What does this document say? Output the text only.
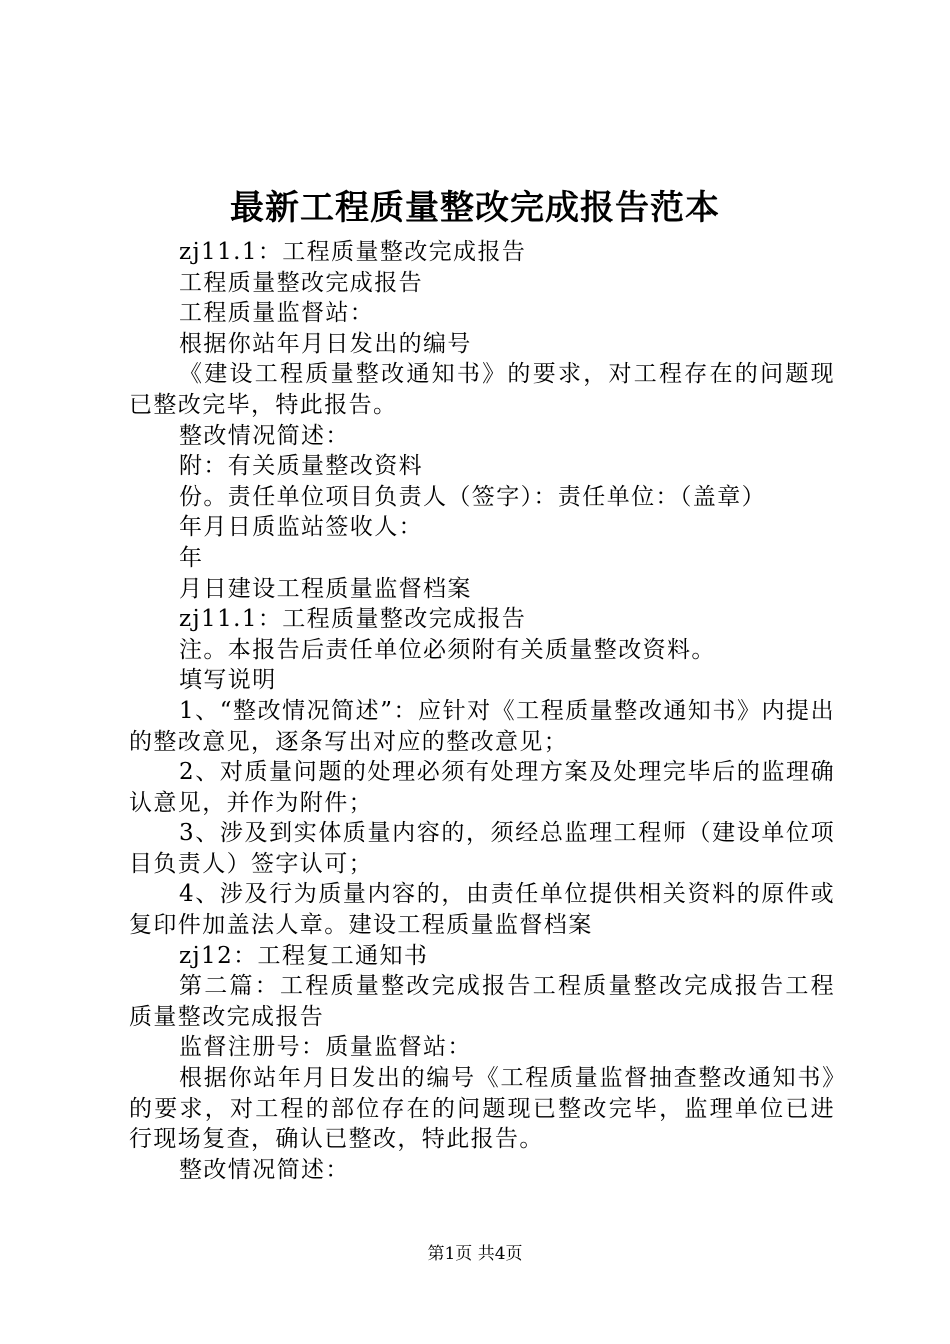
最新工程质量整改完成报告范本

zj11.1：工程质量整改完成报告

工程质量整改完成报告

工程质量监督站：

根据你站年月日发出的编号

《建设工程质量整改通知书》的要求，对工程存在的问题现已整改完毕，特此报告。

整改情况简述：

附：有关质量整改资料

份。责任单位项目负责人（签字）：责任单位：（盖章）

年月日质监站签收人：

年

月日建设工程质量监督档案

zj11.1：工程质量整改完成报告

注。本报告后责任单位必须附有关质量整改资料。

填写说明

1、“整改情况简述”：应针对《工程质量整改通知书》内提出的整改意见，逐条写出对应的整改意见；

2、对质量问题的处理必须有处理方案及处理完毕后的监理确认意见，并作为附件；

3、涉及到实体质量内容的，须经总监理工程师（建设单位项目负责人）签字认可；

4、涉及行为质量内容的，由责任单位提供相关资料的原件或复印件加盖法人章。建设工程质量监督档案

zj12：工程复工通知书

第二篇：工程质量整改完成报告工程质量整改完成报告工程质量整改完成报告

监督注册号：质量监督站：

根据你站年月日发出的编号《工程质量监督抽查整改通知书》的要求，对工程的部位存在的问题现已整改完毕，监理单位已进行现场复查，确认已整改，特此报告。

整改情况简述：

第1页 共4页
